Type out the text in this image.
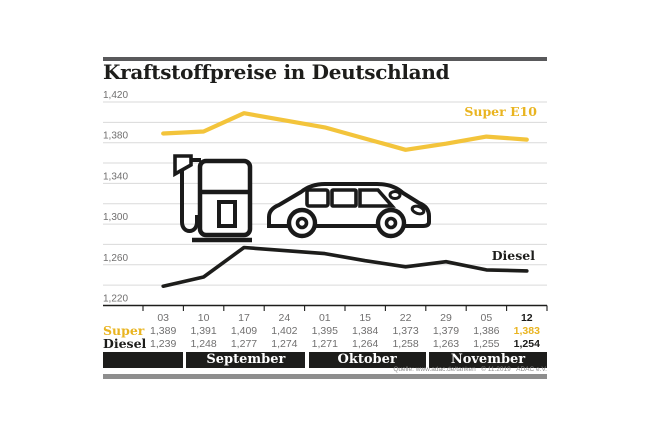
Kraftstoffpreise in Deutschland
1,420
1,380
1,340
1,300
1,260
1,220
Super E10
Diesel
03	10	17	24	01	15	22	29	05	12
Super 1,389	1,391	1,409	1,402	1,395	1,384	1,373	1,379	1,386	1,383
Diesel 1,239	1,248	1,277	1,274	1,271	1,264	1,258	1,263	1,255	1,254
September	Oktober	November
Quelle: www.adac.de/tanken   © 11.2019   ADAC e.V.
